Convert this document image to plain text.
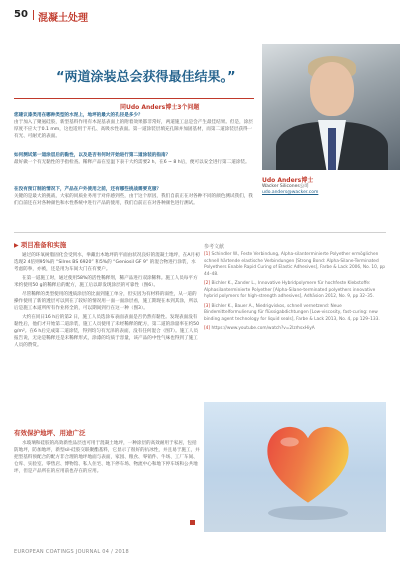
50 混凝土处理
“两道涂装总会获得最佳结果。”
Udo Anders博士
Wacker Silicones公司
udo.anders@wacker.com
同Udo Anders博士3个问题
您建议漆类用在哪种类型的水泥上，地坪的最大的孔径是多少？
由于加入了聚氨硅胶，新型基料作用有木泥基表面上的附着效果都非常好，两道施工总是会产生最佳结果。但是，涂层厚度不应大于0.1 mm，这也适用于开孔、高吸水性表面。第一道涂装层填充孔隙并加固基材，而第二道涂装层获得一有光、可耐光的表面。
如何测试第一道涂层后的黏性，以及是否有何时开始进行第二道涂装的指南？
最好做一个有无黏性的手指检查。稀释产品在室温下表干大约需要2 h，在6 ~ 8 h后，便可以安全进行第二道涂装。
在没有预订制的情况下，产品在户外使用之前，还有哪些挑战需要克服？
关键的是最大的挑战，大家的同质业务用于对你感到些，由于这个原因，我们自前正在对各种不同的颜色测试我们，我们自前还在对各种颜色和水性系统中进行产品的使用，我们自前正在对各种颜色进行测试。
▶ 项目准备和实施

通过的环氧树脂固化会受到水，拳藏出木地坪的平面由状况良好的混凝土地坪，在A月初选现2 4倍则95%的 “Silres BS 6920” 和5%的 “Geniosil GF 9” 的混合物进行涂装，水考虑防拳，亦被，还是用为车间大门在有要户。

在第一道施工时，通过使用58%的活性稀释剂，稀产品进行双涂稀释。施工人员每平方米约使用50 g的稀释后的配方，施工后以即发现涂层的可靠性（图6）。

尽管稀释的类型使用的透质涂层的比面到施工单分，但实因为有材料的弱性，从一道的操作使用了新的透层可以到在了较好的情况用一面一面涂层看，施工期现在本到其涂，所以后是施工本道所所有作业将全的，可以期间到行在这一种（图3）。

大约在同日16 h后的第2 日，施工人员选涂布表面表面是否仍然有黏性。发现表面没有黏性后，他们才开始第二道涂装，施工人员使用了未经稀释的配方，第二道的涂量率在约50 g/m²。在6 h后完成第二道涂装，得到均匀有光泽的表面，没有任何混合（图7）。施工人员报告说，无论是稀释还是未稀释形式，涂漆的均质于容量，该产品的中性气味也得到了施工人员的赞赏。

有效保护地坪、用途广泛

水玻璃和硅胶的高效新性品层也可用于混凝土地坪，一种涂层的高效耐用于家居，包括防地坪，防加地坪，新型sil-硅胶交联聚酯基料，它显示了很好的抗冰性，并且易于施工，并把型基料预配合的配方非合理的地坪地面与表面，家园、粮食、零销件、牛场、工厂车间、仓库、实验室、零售店、博物馆、私人住宅、地下停车场、物流中心和地下停车场和公共地坪，但是产品所在的应用前也存在的应用。

参考文献
[1] Schindler W., Feste Verbindung, Alpha-silanterminierte Polyether ermöglichen schnell härtende elastische Verbindungen [Strong Bond: Alpha-Silane-Terminated Polyethers Enable Rapid Curing of Elastic Adhesives], Farbe & Lack 2006, No. 10, pp 44–48.
[2] Bichler K., Zander L., Innovative Hybridpolymere für hochfeste Klebstoffe: Alphasilanterminierte Polyether [Alpha-Silane-terminated polyethers innovative hybrid polymers for high-strength adhesives], Adhäsion 2012, No. 9, pp 32–35.
[3] Bichler K., Bauer A., Niedrigviskos, schnell vernetzend: Neue Bindemittelformulierung für flüssigabdichtungen [Low-viscosity, fast-curing: new binding agent technology for liquid seals], Farbe & Lack 2013, No. 4, pp 129–133.
[4] https://www.youtube.com/watch?v=2lzrhsxHiyA
EUROPEAN COATINGS JOURNAL 04 / 2018
